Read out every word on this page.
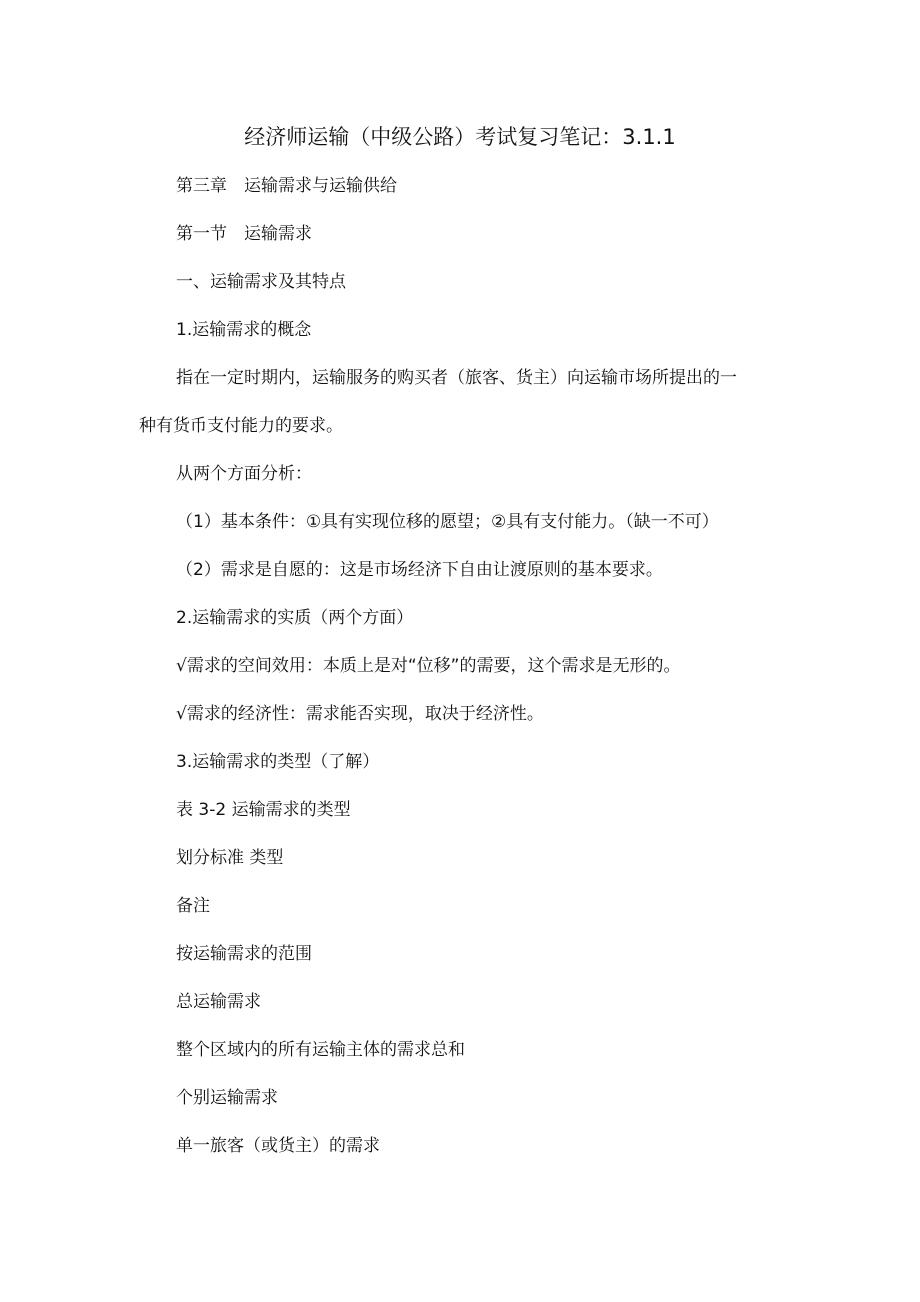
经济师运输（中级公路）考试复习笔记：3.1.1
第三章　运输需求与运输供给
第一节　运输需求
一、运输需求及其特点
1.运输需求的概念
指在一定时期内，运输服务的购买者（旅客、货主）向运输市场所提出的一
种有货币支付能力的要求。
从两个方面分析：
（1）基本条件：①具有实现位移的愿望；②具有支付能力。（缺一不可）
（2）需求是自愿的：这是市场经济下自由让渡原则的基本要求。
2.运输需求的实质（两个方面）
√需求的空间效用：本质上是对“位移”的需要，这个需求是无形的。
√需求的经济性：需求能否实现，取决于经济性。
3.运输需求的类型（了解）
表 3-2 运输需求的类型
划分标准 类型
备注
按运输需求的范围
总运输需求
整个区域内的所有运输主体的需求总和
个别运输需求
单一旅客（或货主）的需求
